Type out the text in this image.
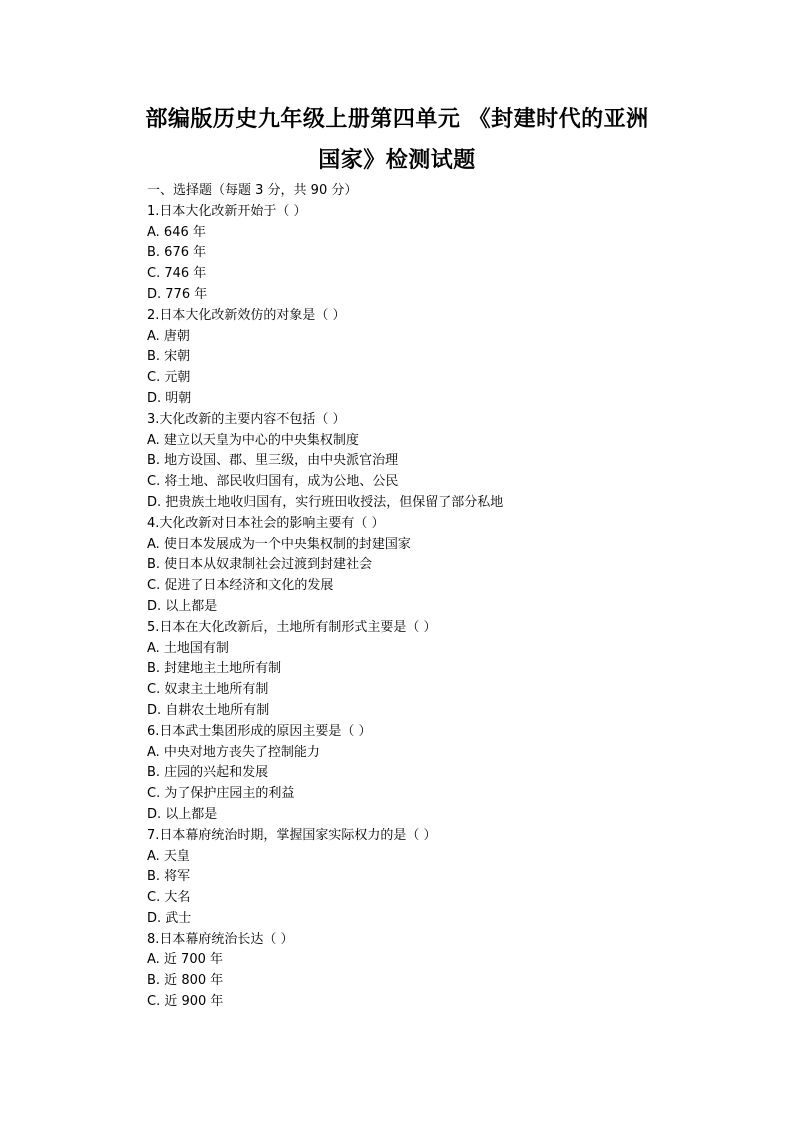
部编版历史九年级上册第四单元 《封建时代的亚洲
国家》检测试题
一、选择题（每题 3 分，共 90 分）
1.日本大化改新开始于（ ）
A. 646 年
B. 676 年
C. 746 年
D. 776 年
2.日本大化改新效仿的对象是（ ）
A. 唐朝
B. 宋朝
C. 元朝
D. 明朝
3.大化改新的主要内容不包括（ ）
A. 建立以天皇为中心的中央集权制度
B. 地方设国、郡、里三级，由中央派官治理
C. 将土地、部民收归国有，成为公地、公民
D. 把贵族土地收归国有，实行班田收授法，但保留了部分私地
4.大化改新对日本社会的影响主要有（ ）
A. 使日本发展成为一个中央集权制的封建国家
B. 使日本从奴隶制社会过渡到封建社会
C. 促进了日本经济和文化的发展
D. 以上都是
5.日本在大化改新后，土地所有制形式主要是（ ）
A. 土地国有制
B. 封建地主土地所有制
C. 奴隶主土地所有制
D. 自耕农土地所有制
6.日本武士集团形成的原因主要是（ ）
A. 中央对地方丧失了控制能力
B. 庄园的兴起和发展
C. 为了保护庄园主的利益
D. 以上都是
7.日本幕府统治时期，掌握国家实际权力的是（ ）
A. 天皇
B. 将军
C. 大名
D. 武士
8.日本幕府统治长达（ ）
A. 近 700 年
B. 近 800 年
C. 近 900 年
